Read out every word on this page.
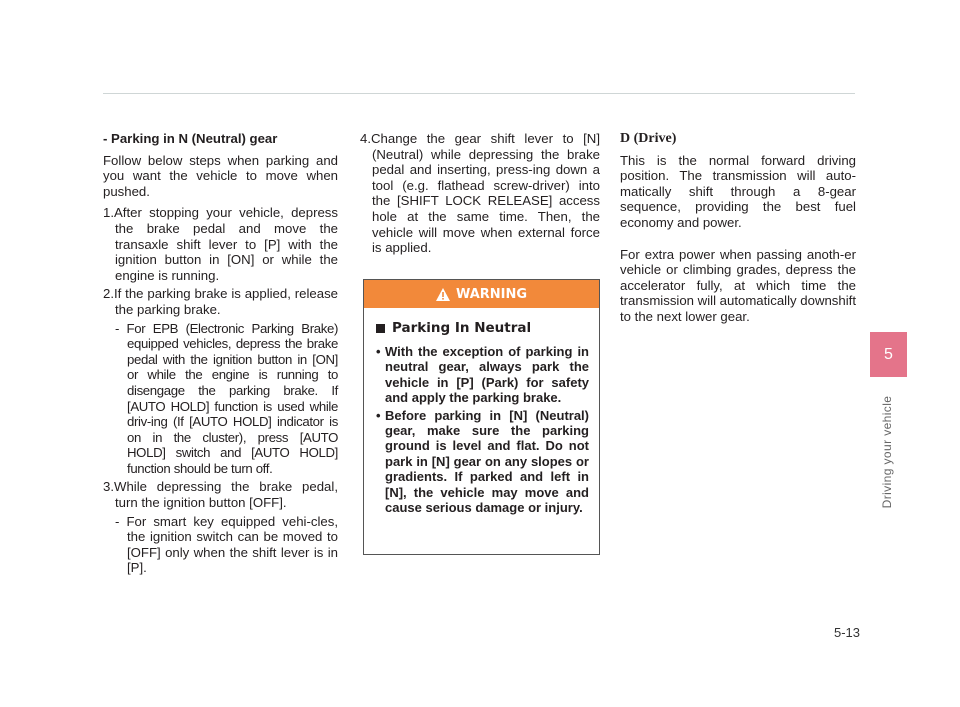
- Parking in N (Neutral) gear

Follow below steps when parking and you want the vehicle to move when pushed.

1.After stopping your vehicle, depress the brake pedal and move the transaxle shift lever to [P] with the ignition button in [ON] or while the engine is running.

2.If the parking brake is applied, release the parking brake.

- For EPB (Electronic Parking Brake) equipped vehicles, depress the brake pedal with the ignition button in [ON] or while the engine is running to disengage the parking brake. If [AUTO HOLD] function is used while driv-ing (If [AUTO HOLD] indicator is on in the cluster), press [AUTO HOLD] switch and [AUTO HOLD] function should be turn off.

3.While depressing the brake pedal, turn the ignition button [OFF].

- For smart key equipped vehi-cles, the ignition switch can be moved to [OFF] only when the shift lever is in [P].

4.Change the gear shift lever to [N] (Neutral) while depressing the brake pedal and inserting, press-ing down a tool (e.g. flathead screw-driver) into the [SHIFT LOCK RELEASE] access hole at the same time. Then, the vehicle will move when external force is applied.

WARNING
Parking In Neutral
• With the exception of parking in neutral gear, always park the vehicle in [P] (Park) for safety and apply the parking brake.
• Before parking in [N] (Neutral) gear, make sure the parking ground is level and flat. Do not park in [N] gear on any slopes or gradients. If parked and left in [N], the vehicle may move and cause serious damage or injury.

D (Drive)

This is the normal forward driving position. The transmission will auto-matically shift through a 8-gear sequence, providing the best fuel economy and power.

For extra power when passing anoth-er vehicle or climbing grades, depress the accelerator fully, at which time the transmission will automatically downshift to the next lower gear.

5
Driving your vehicle
5-13
